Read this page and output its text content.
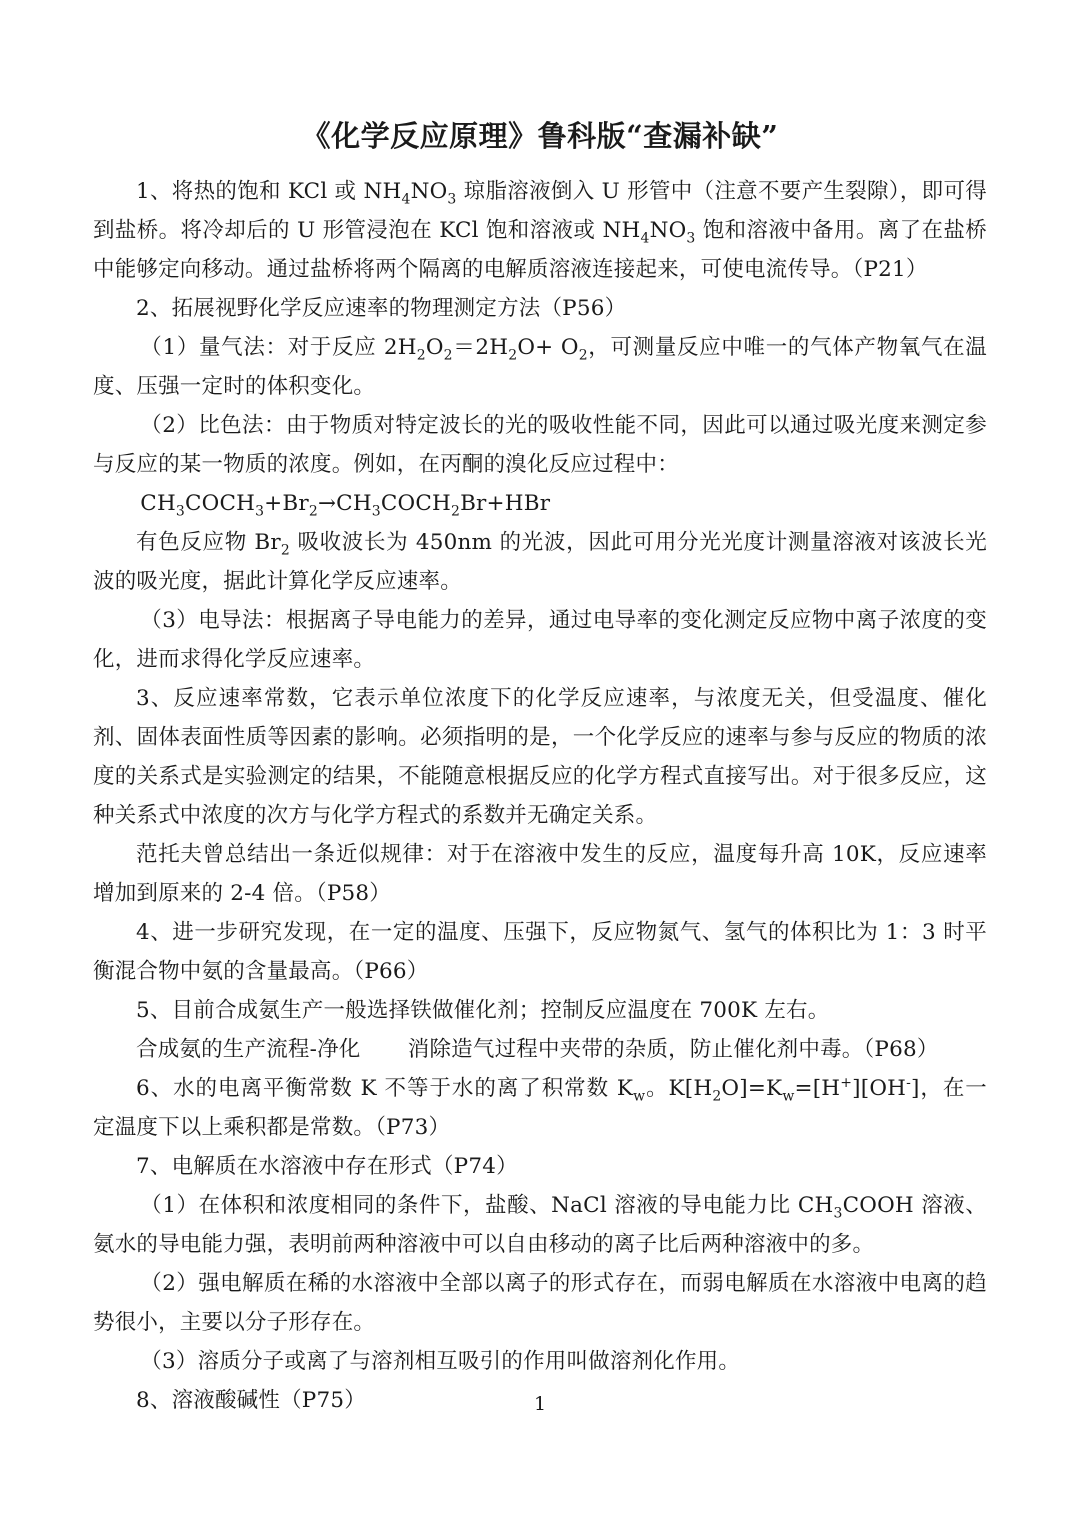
《化学反应原理》鲁科版“查漏补缺”

1、将热的饱和 KCl 或 $NH_4NO_3$ 琼脂溶液倒入 U 形管中（注意不要产生裂隙），即可得到盐桥。将冷却后的 U 形管浸泡在 KCl 饱和溶液或 $NH_4NO_3$ 饱和溶液中备用。离了在盐桥中能够定向移动。通过盐桥将两个隔离的电解质溶液连接起来，可使电流传导。（P21）

2、拓展视野化学反应速率的物理测定方法（P56）

（1）量气法：对于反应 $2H_2O_2=2H_2O+ O_2$，可测量反应中唯一的气体产物氧气在温度、压强一定时的体积变化。

（2）比色法：由于物质对特定波长的光的吸收性能不同，因此可以通过吸光度来测定参与反应的某一物质的浓度。例如，在丙酮的溴化反应过程中：

$CH_3COCH_3+Br_2\to CH_3COCH_2Br+HBr$

有色反应物 $Br_2$ 吸收波长为 450nm 的光波，因此可用分光光度计测量溶液对该波长光波的吸光度，据此计算化学反应速率。

（3）电导法：根据离子导电能力的差异，通过电导率的变化测定反应物中离子浓度的变化，进而求得化学反应速率。

3、反应速率常数，它表示单位浓度下的化学反应速率，与浓度无关，但受温度、催化剂、固体表面性质等因素的影响。必须指明的是，一个化学反应的速率与参与反应的物质的浓度的关系式是实验测定的结果，不能随意根据反应的化学方程式直接写出。对于很多反应，这种关系式中浓度的次方与化学方程式的系数并无确定关系。

范托夫曾总结出一条近似规律：对于在溶液中发生的反应，温度每升高 10K，反应速率增加到原来的 2-4 倍。（P58）

4、进一步研究发现，在一定的温度、压强下，反应物氮气、氢气的体积比为 1：3 时平衡混合物中氨的含量最高。（P66）

5、目前合成氨生产一般选择铁做催化剂；控制反应温度在 700K 左右。

合成氨的生产流程-净化 消除造气过程中夹带的杂质，防止催化剂中毒。（P68）

6、水的电离平衡常数 K 不等于水的离了积常数 $K_w$。$K[H_2O]=K_w=[H^+][OH^-]$，在一定温度下以上乘积都是常数。（P73）

7、电解质在水溶液中存在形式（P74）

（1）在体积和浓度相同的条件下，盐酸、NaCl 溶液的导电能力比 $CH_3COOH$ 溶液、氨水的导电能力强，表明前两种溶液中可以自由移动的离子比后两种溶液中的多。

（2）强电解质在稀的水溶液中全部以离子的形式存在，而弱电解质在水溶液中电离的趋势很小，主要以分子形存在。

（3）溶质分子或离了与溶剂相互吸引的作用叫做溶剂化作用。

8、溶液酸碱性（P75）	1
